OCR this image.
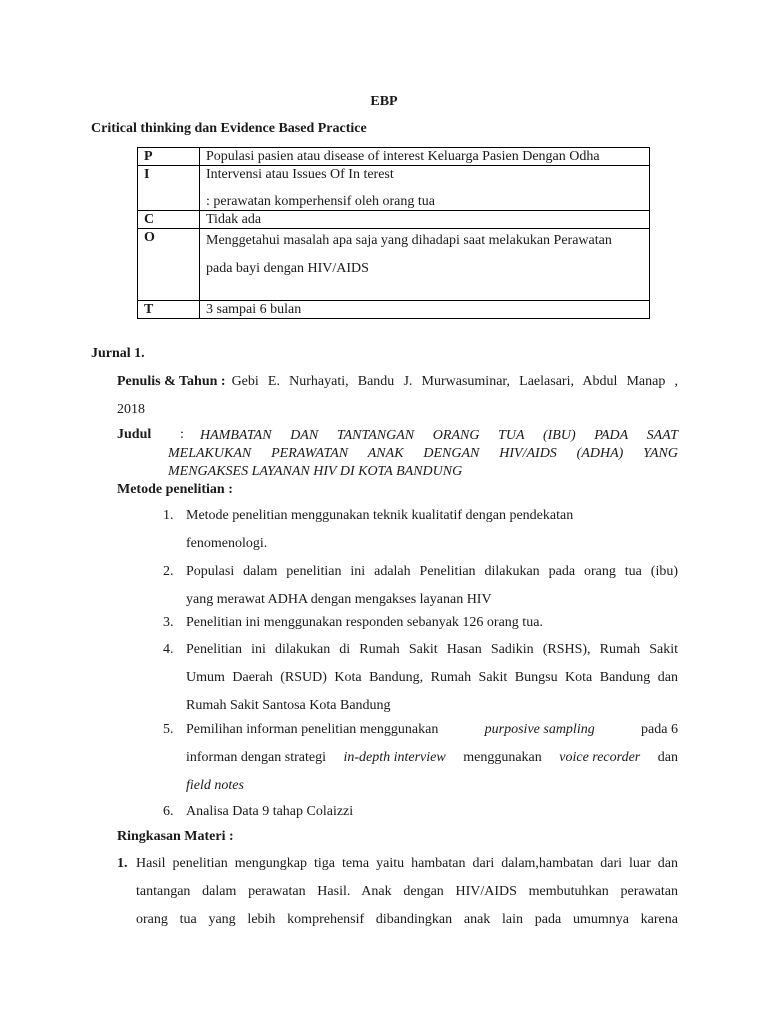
EBP
Critical thinking dan Evidence Based Practice
P	Populasi pasien atau disease of interest Keluarga Pasien Dengan Odha

I	Intervensi atau Issues Of In terest
: perawatan komperhensif oleh orang tua

C	Tidak ada

O	Menggetahui masalah apa saja yang dihadapi saat melakukan Perawatan
pada bayi dengan HIV/AIDS

T	3 sampai 6 bulan
Jurnal 1.
Penulis & Tahun : Gebi E. Nurhayati, Bandu J. Murwasuminar, Laelasari, Abdul Manap ,
2018
Judul :	HAMBATAN DAN TANTANGAN ORANG TUA (IBU) PADA SAAT
MELAKUKAN PERAWATAN ANAK DENGAN HIV/AIDS (ADHA) YANG
MENGAKSES LAYANAN HIV DI KOTA BANDUNG
Metode penelitian :
1. Metode penelitian menggunakan teknik kualitatif dengan pendekatan
fenomenologi.
2. Populasi dalam penelitian ini adalah Penelitian dilakukan pada orang tua (ibu)
yang merawat ADHA dengan mengakses layanan HIV
3. Penelitian ini menggunakan responden sebanyak 126 orang tua.
4. Penelitian ini dilakukan di Rumah Sakit Hasan Sadikin (RSHS), Rumah Sakit
Umum Daerah (RSUD) Kota Bandung, Rumah Sakit Bungsu Kota Bandung dan
Rumah Sakit Santosa Kota Bandung
5. Pemilihan informan penelitian menggunakan	purposive sampling	pada 6
informan dengan strategi in-depth interview menggunakan voice recorder dan
field notes
6. Analisa Data 9 tahap Colaizzi
Ringkasan Materi :
1. Hasil penelitian mengungkap tiga tema yaitu hambatan dari dalam,hambatan dari luar dan
tantangan dalam perawatan Hasil. Anak dengan HIV/AIDS membutuhkan perawatan
orang tua yang lebih komprehensif dibandingkan anak lain pada umumnya karena
